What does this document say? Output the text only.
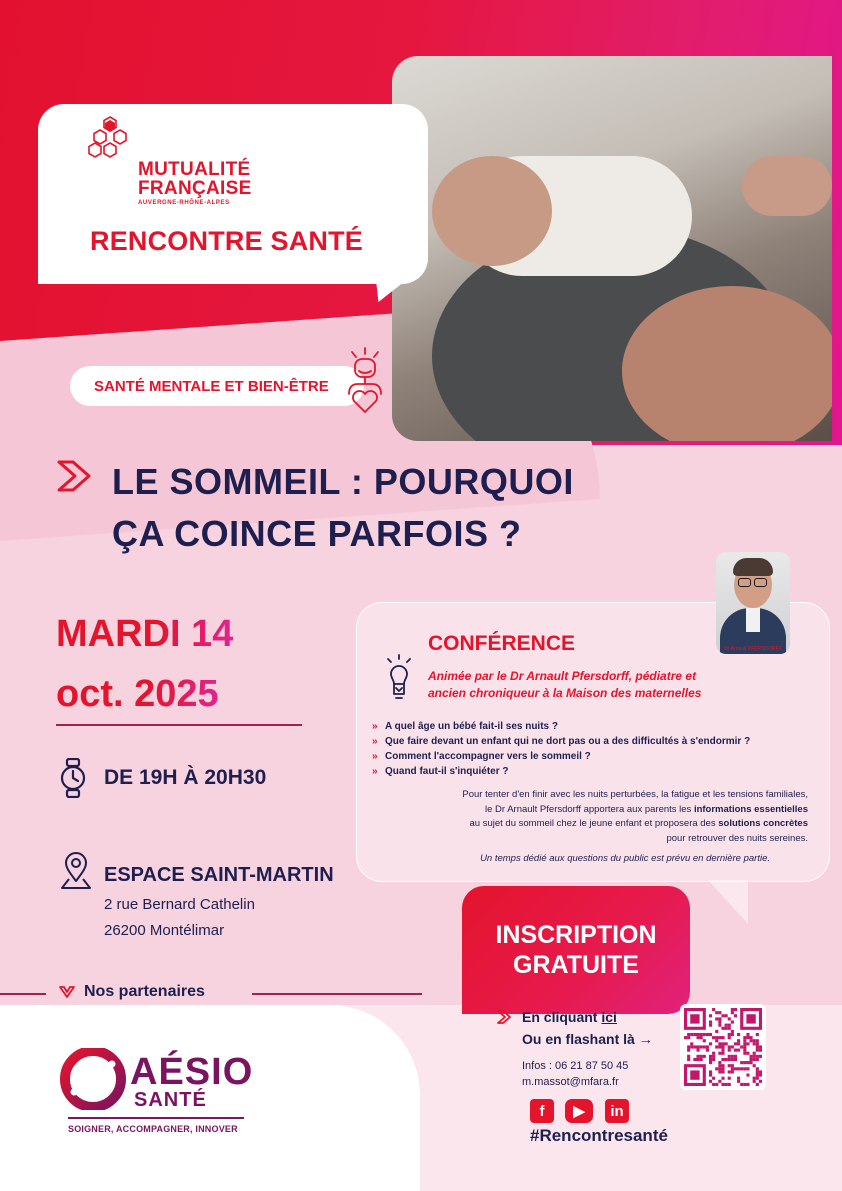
MUTUALITÉ
FRANÇAISE
AUVERGNE-RHÔNE-ALPES
RENCONTRE SANTÉ
SANTÉ MENTALE ET BIEN-ÊTRE
LE SOMMEIL : POURQUOI
ÇA COINCE PARFOIS ?
MARDI 14
oct. 2025
DE 19H À 20H30
ESPACE SAINT-MARTIN
2 rue Bernard Cathelin
26200 Montélimar
Nos partenaires
AÉSIO
SANTÉ
SOIGNER, ACCOMPAGNER, INNOVER
Dr Arnault PFERSDORFF
CONFÉRENCE
Animée par le Dr Arnault Pfersdorff, pédiatre et
ancien chroniqueur à la Maison des maternelles
» A quel âge un bébé fait-il ses nuits ?
» Que faire devant un enfant qui ne dort pas ou a des difficultés à s'endormir ?
» Comment l'accompagner vers le sommeil ?
» Quand faut-il s'inquiéter ?
Pour tenter d'en finir avec les nuits perturbées, la fatigue et les tensions familiales,
le Dr Arnault Pfersdorff apportera aux parents les informations essentielles
au sujet du sommeil chez le jeune enfant et proposera des solutions concrètes
pour retrouver des nuits sereines.
Un temps dédié aux questions du public est prévu en dernière partie.
INSCRIPTION
GRATUITE
En cliquant ici
Ou en flashant là →
Infos : 06 21 87 50 45
m.massot@mfara.fr
f	▶	in
#Rencontresanté
